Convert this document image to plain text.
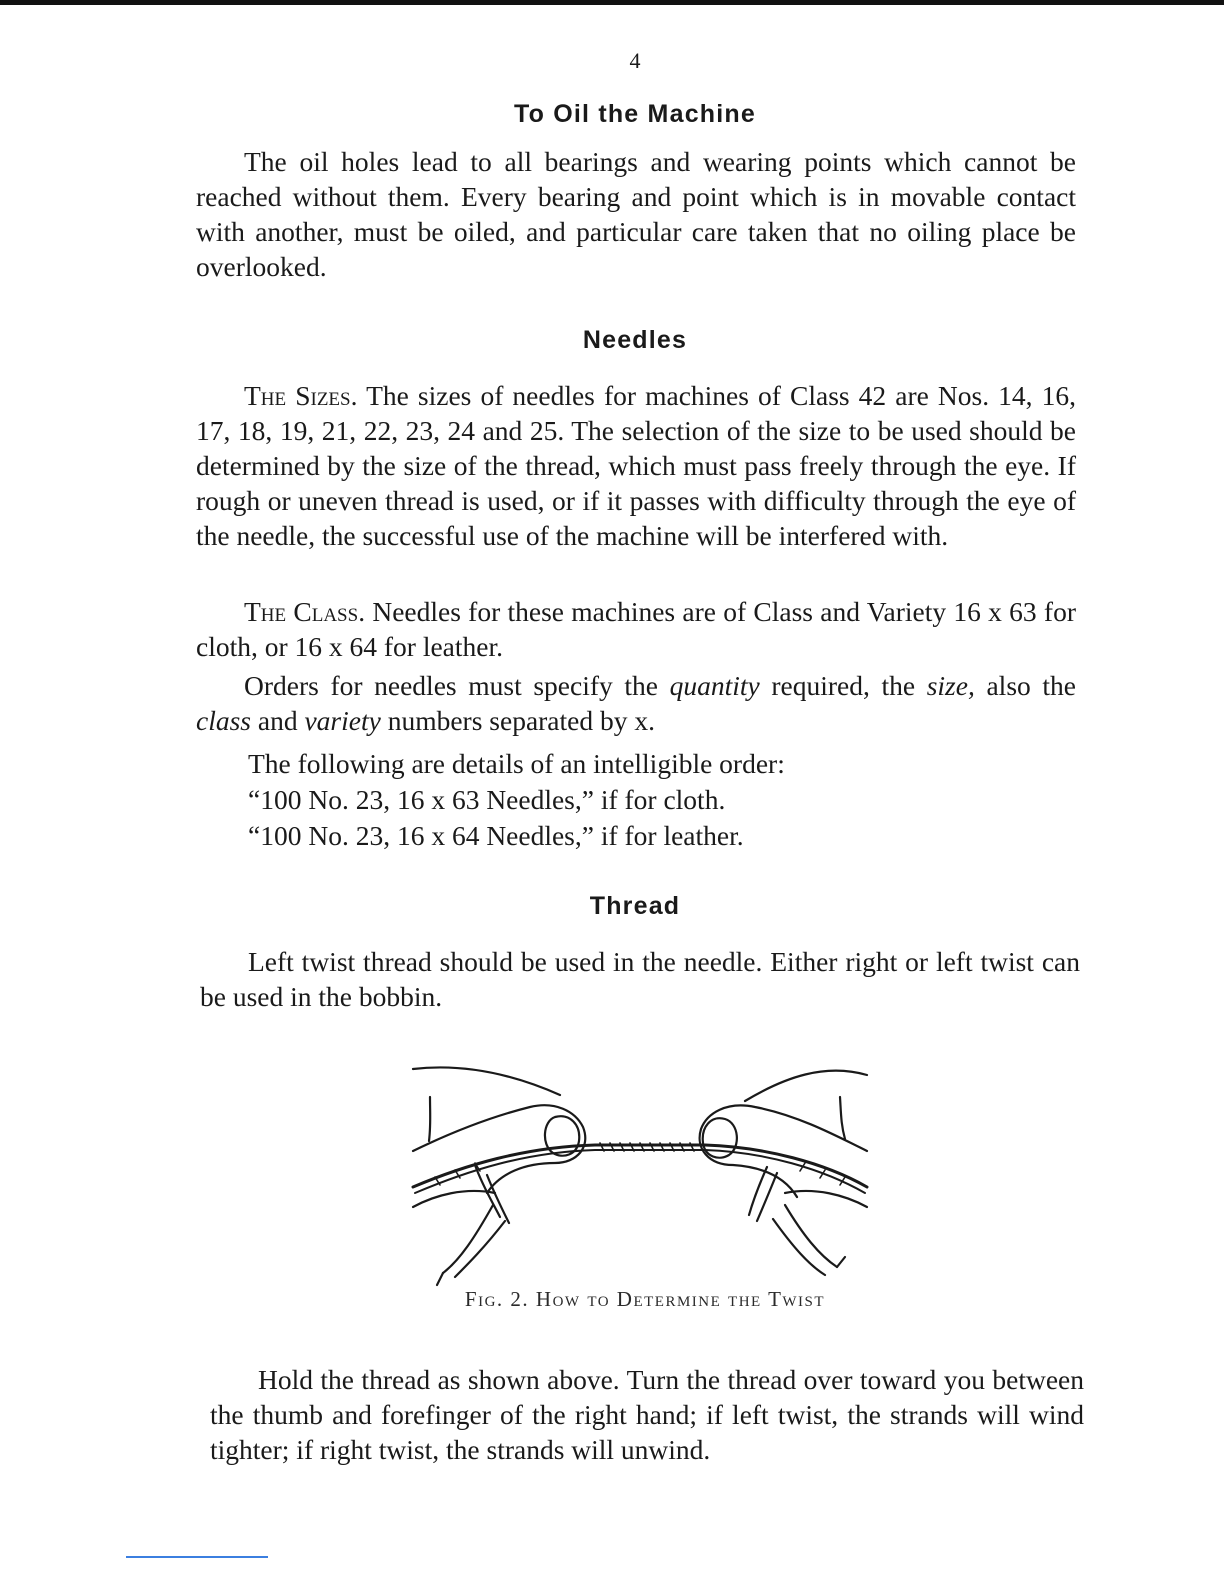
4
To Oil the Machine

The oil holes lead to all bearings and wearing points which cannot be reached without them. Every bearing and point which is in movable contact with another, must be oiled, and particular care taken that no oiling place be overlooked.

Needles

The Sizes. The sizes of needles for machines of Class 42 are Nos. 14, 16, 17, 18, 19, 21, 22, 23, 24 and 25. The selection of the size to be used should be determined by the size of the thread, which must pass freely through the eye. If rough or uneven thread is used, or if it passes with difficulty through the eye of the needle, the successful use of the machine will be interfered with.

The Class. Needles for these machines are of Class and Variety 16 x 63 for cloth, or 16 x 64 for leather.

Orders for needles must specify the quantity required, the size, also the class and variety numbers separated by x.

The following are details of an intelligible order:
“100 No. 23, 16 x 63 Needles,” if for cloth.
“100 No. 23, 16 x 64 Needles,” if for leather.
Thread

Left twist thread should be used in the needle. Either right or left twist can be used in the bobbin.

Fig. 2. How to Determine the Twist

Hold the thread as shown above. Turn the thread over toward you between the thumb and forefinger of the right hand; if left twist, the strands will wind tighter; if right twist, the strands will unwind.
